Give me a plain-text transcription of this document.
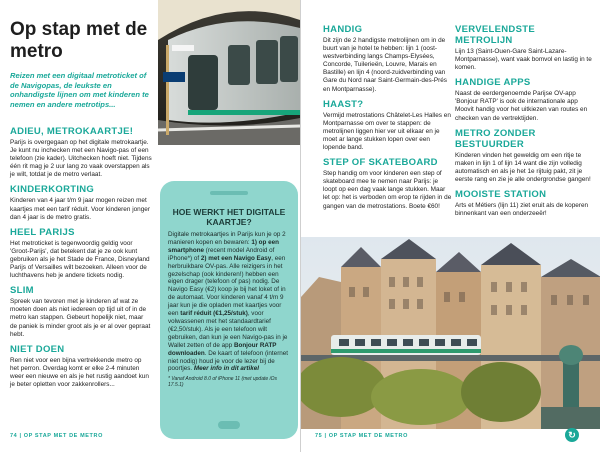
Op stap met de metro
Reizen met een digitaal metroticket of de Navigopas, de leukste en onhandigste lijnen om met kinderen te nemen en andere metrotips...
ADIEU, METROKAARTJE!
Parijs is overgegaan op het digitale metrokaartje. Je kunt nu inchecken met een Navigo-pas of een telefoon (zie kader). Uitchecken hoeft niet. Tijdens één rit mag je 2 uur lang zo vaak overstappen als je wilt, totdat je de metro verlaat.
KINDERKORTING
Kinderen van 4 jaar t/m 9 jaar mogen reizen met kaartjes met een tarif réduit. Voor kinderen jonger dan 4 jaar is de metro gratis.
HEEL PARIJS
Het metroticket is tegenwoordig geldig voor 'Groot-Parijs', dat betekent dat je ze ook kunt gebruiken als je het Stade de France, Disneyland Parijs of Versailles wilt bezoeken. Alleen voor de luchthavens heb je andere tickets nodig.
SLIM
Spreek van tevoren met je kinderen af wat ze moeten doen als niet iedereen op tijd uit of in de metro kan stappen. Gebeurt hopelijk niet, maar de paniek is minder groot als je er al over gepraat hebt.
NIET DOEN
Ren niet voor een bijna vertrekkende metro op het perron. Overdag komt er elke 2-4 minuten weer een nieuwe en als je het rustig aandoet kun je beter opletten voor zakkenrollers...
HOE WERKT HET DIGITALE KAARTJE?
Digitale metrokaartjes in Parijs kun je op 2 manieren kopen en bewaren: 1) op een smartphone (recent model Android of iPhone*) of 2) met een Navigo Easy, een herbruikbare OV-pas. Alle reizigers in het gezelschap (ook kinderen!) hebben een eigen drager (telefoon of pas) nodig. De Navigo Easy (€2) koop je bij het loket of in de automaat. Voor kinderen vanaf 4 t/m 9 jaar kun je die opladen met kaartjes voor een tarif réduit (€1,25/stuk), voor volwassenen met het standaardtarief (€2,50/stuk). Als je een telefoon wilt gebruiken, dan kun je een Navigo-pas in je Wallet zetten of de app Bonjour RATP downloaden. De kaart of telefoon (internet niet nodig) houd je voor de lezer bij de poortjes. Meer info in dit artikel
* Vanaf Android 8.0 of iPhone 11 (met update iOs 17.5.1)
74 | OP STAP MET DE METRO
HANDIG
Dit zijn de 2 handigste metrolijnen om in de buurt van je hotel te hebben: lijn 1 (oost-westverbinding langs Champs-Elysées, Concorde, Tuilerieën, Louvre, Marais en Bastille) en lijn 4 (noord-zuidverbinding van Gare du Nord naar Saint-Germain-des-Prés en Montparnasse).
HAAST?
Vermijd metrostations Châtelet-Les Halles en Montparnasse om over te stappen: de metrolijnen liggen hier ver uit elkaar en je moet ar lange stukken lopen over een lopende band.
STEP OF SKATEBOARD
Step handig om voor kinderen een step of skateboard mee te nemen naar Parijs: je loopt op een dag vaak lange stukken. Maar let op: het is verboden om erop te rijden in de gangen van de metrostations. Boete €60!
VERVELENDSTE METROLIJN
Lijn 13 (Saint-Ouen-Gare Saint-Lazare-Montparnasse), want vaak bomvol en lastig in te komen.
HANDIGE APPS
Naast de eerdergenoemde Parijse OV-app 'Bonjour RATP' is ook de internationale app Moovit handig voor het uitkiezen van routes en checken van de vertrektijden.
METRO ZONDER BESTUURDER
Kinderen vinden het geweldig om een ritje te maken in lijn 1 of lijn 14 want die zijn volledig automatisch en als je het 1e rijtuig pakt, zit je eerste rang en zie je alle ondergrondse gangen!
MOOISTE STATION
Arts et Métiers (lijn 11) ziet eruit als de koperen binnenkant van een onderzeeër!
75 | OP STAP MET DE METRO	↻
